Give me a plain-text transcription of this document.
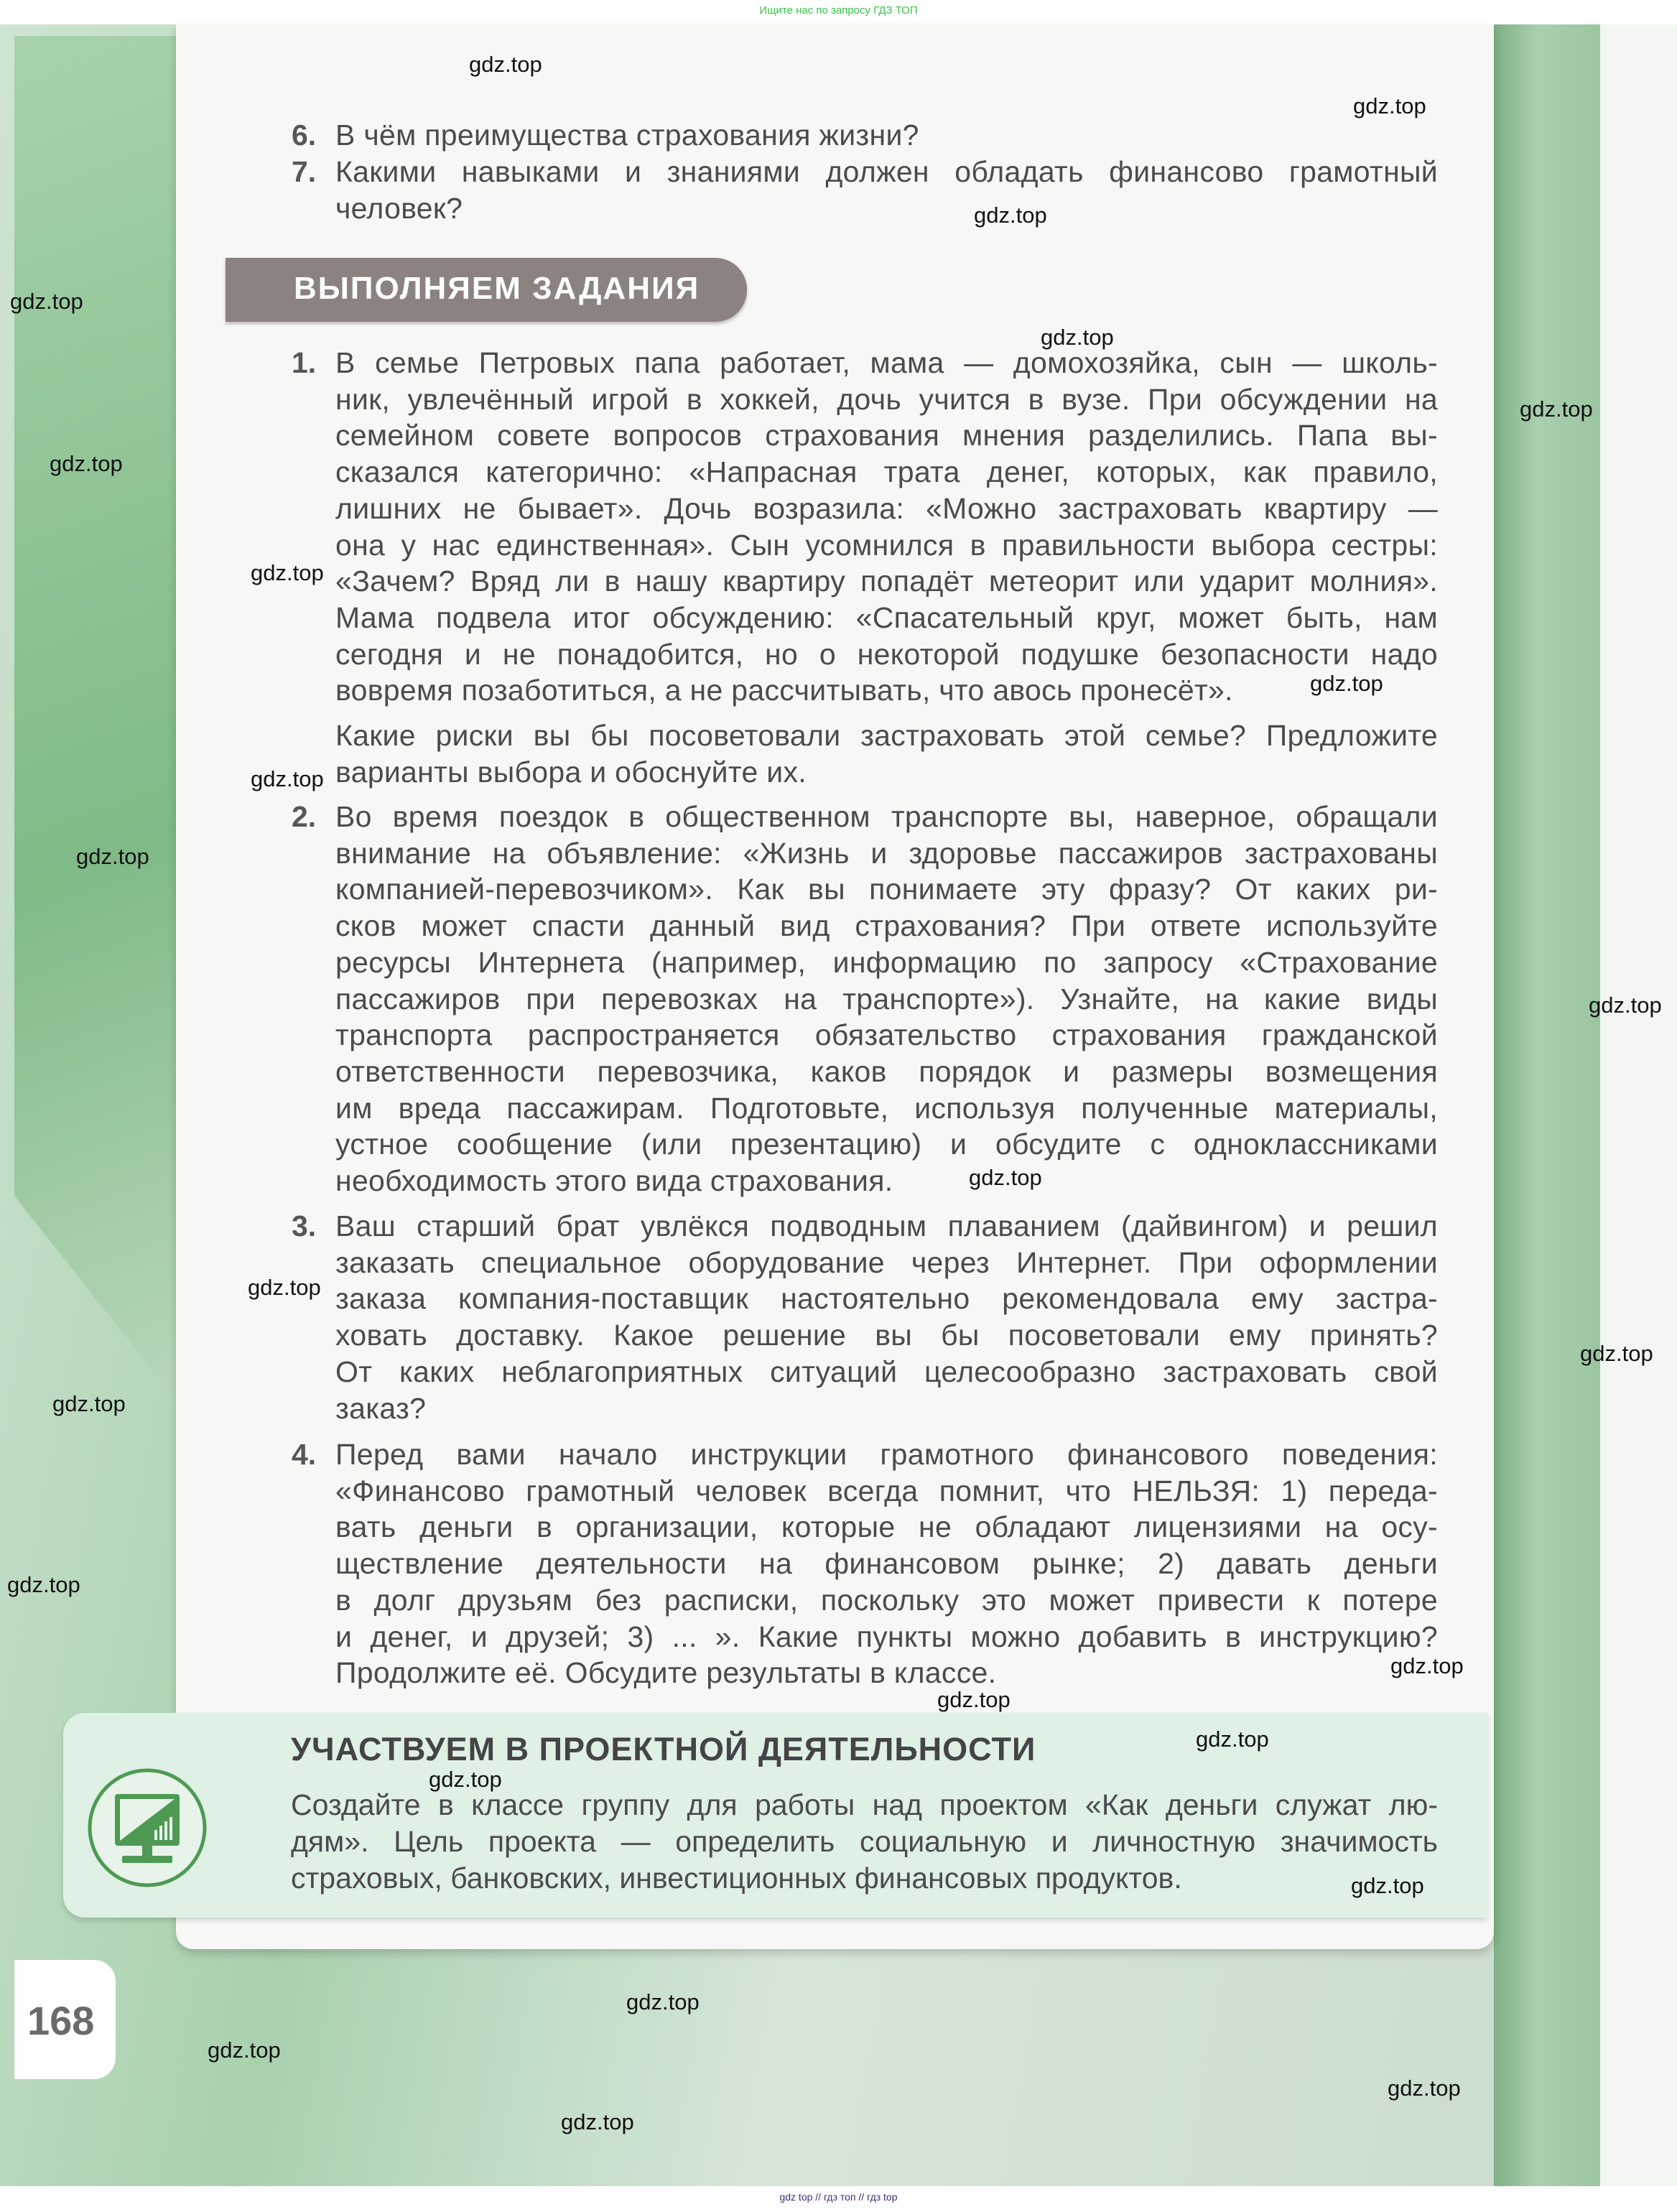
Ищите нас по запросу ГДЗ ТОП
ВЫПОЛНЯЕМ ЗАДАНИЯ
6. В чём преимущества страхования жизни?
7. Какими навыками и знаниями должен обладать финансово грамотный
человек?
1. В семье Петровых папа работает, мама — домохозяйка, сын — школь-
ник, увлечённый игрой в хоккей, дочь учится в вузе. При обсуждении на
семейном совете вопросов страхования мнения разделились. Папа вы-
сказался категорично: «Напрасная трата денег, которых, как правило,
лишних не бывает». Дочь возразила: «Можно застраховать квартиру —
она у нас единственная». Сын усомнился в правильности выбора сестры:
«Зачем? Вряд ли в нашу квартиру попадёт метеорит или ударит молния».
Мама подвела итог обсуждению: «Спасательный круг, может быть, нам
сегодня и не понадобится, но о некоторой подушке безопасности надо
вовремя позаботиться, а не рассчитывать, что авось пронесёт».
Какие риски вы бы посоветовали застраховать этой семье? Предложите
варианты выбора и обоснуйте их.
2. Во время поездок в общественном транспорте вы, наверное, обращали
внимание на объявление: «Жизнь и здоровье пассажиров застрахованы
компанией-перевозчиком». Как вы понимаете эту фразу? От каких ри-
сков может спасти данный вид страхования? При ответе используйте
ресурсы Интернета (например, информацию по запросу «Страхование
пассажиров при перевозках на транспорте»). Узнайте, на какие виды
транспорта распространяется обязательство страхования гражданской
ответственности перевозчика, каков порядок и размеры возмещения
им вреда пассажирам. Подготовьте, используя полученные материалы,
устное сообщение (или презентацию) и обсудите с одноклассниками
необходимость этого вида страхования.
3. Ваш старший брат увлёкся подводным плаванием (дайвингом) и решил
заказать специальное оборудование через Интернет. При оформлении
заказа компания-поставщик настоятельно рекомендовала ему застра-
ховать доставку. Какое решение вы бы посоветовали ему принять?
От каких неблагоприятных ситуаций целесообразно застраховать свой
заказ?
4. Перед вами начало инструкции грамотного финансового поведения:
«Финансово грамотный человек всегда помнит, что НЕЛЬЗЯ: 1) переда-
вать деньги в организации, которые не обладают лицензиями на осу-
ществление деятельности на финансовом рынке; 2) давать деньги
в долг друзьям без расписки, поскольку это может привести к потере
и денег, и друзей; 3) ... ». Какие пункты можно добавить в инструкцию?
Продолжите её. Обсудите результаты в классе.
УЧАСТВУЕМ В ПРОЕКТНОЙ ДЕЯТЕЛЬНОСТИ
168
gdz.top
gdz.top
gdz.top
gdz.top
gdz.top
gdz.top
gdz.top
gdz.top
gdz.top
gdz.top
gdz.top
gdz.top
gdz.top
gdz.top
gdz.top
gdz.top
gdz.top
gdz.top
gdz.top
gdz.top
gdz.top
gdz.top
gdz.top
gdz.top
gdz.top
gdz.top
gdz top // гдз топ // гдз top
Создайте в классе группу для работы над проектом «Как деньги служат лю-
дям». Цель проекта — определить социальную и личностную значимость
страховых, банковских, инвестиционных финансовых продуктов.
